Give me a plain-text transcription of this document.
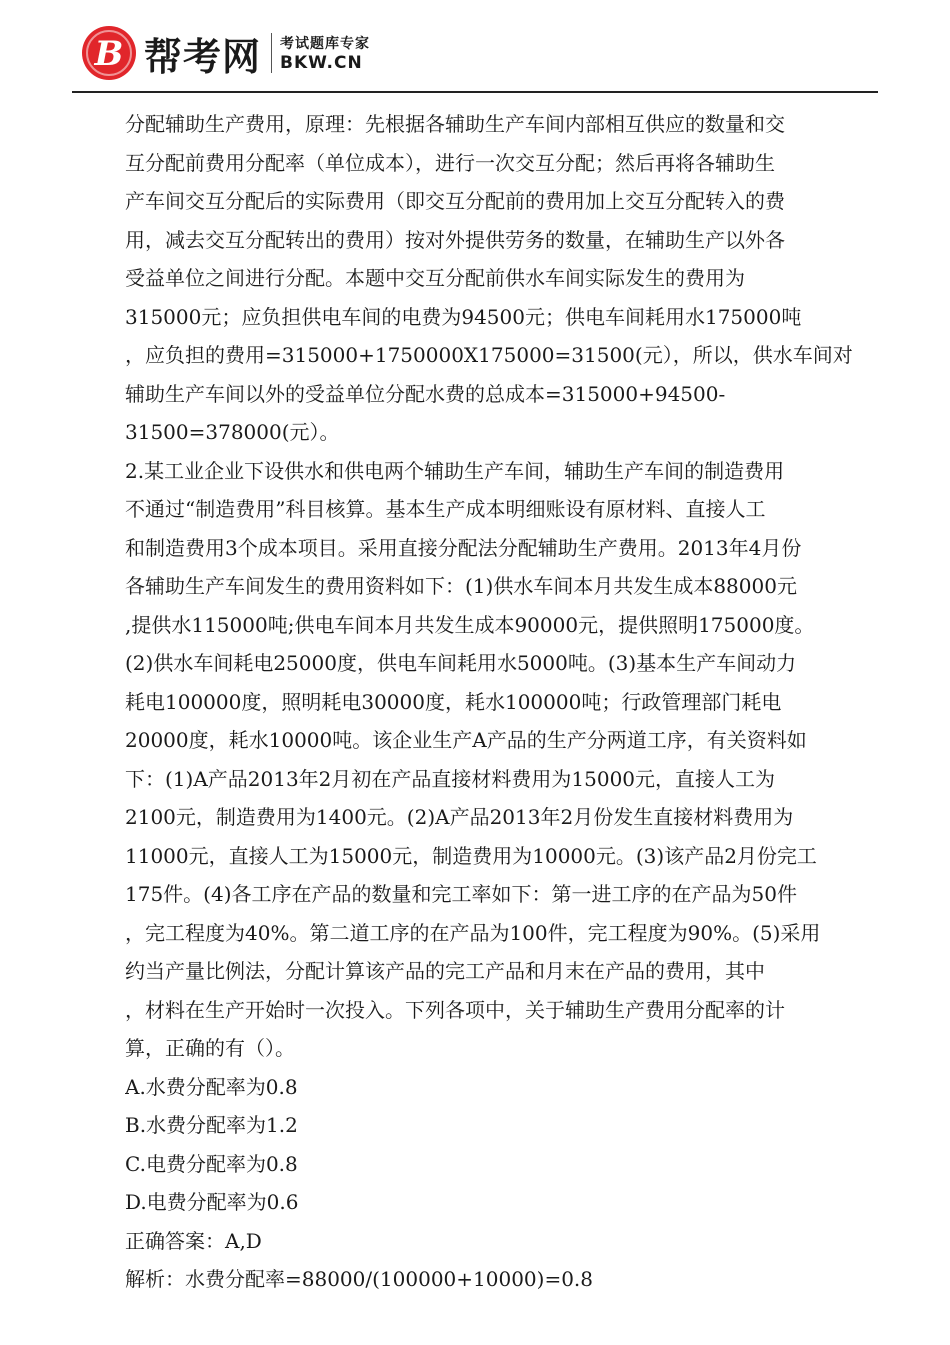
B 帮考网 考试题库专家
BKW.CN
分配辅助生产费用，原理：先根据各辅助生产车间内部相互供应的数量和交
互分配前费用分配率（单位成本），进行一次交互分配；然后再将各辅助生
产车间交互分配后的实际费用（即交互分配前的费用加上交互分配转入的费
用，减去交互分配转出的费用）按对外提供劳务的数量，在辅助生产以外各
受益单位之间进行分配。本题中交互分配前供水车间实际发生的费用为
315000元；应负担供电车间的电费为94500元；供电车间耗用水175000吨
，应负担的费用=315000+1750000X175000=31500(元），所以，供水车间对
辅助生产车间以外的受益单位分配水费的总成本=315000+94500-
31500=378000(元）。
2.某工业企业下设供水和供电两个辅助生产车间，辅助生产车间的制造费用
不通过“制造费用”科目核算。基本生产成本明细账设有原材料、直接人工
和制造费用3个成本项目。采用直接分配法分配辅助生产费用。2013年4月份
各辅助生产车间发生的费用资料如下：(1)供水车间本月共发生成本88000元
,提供水115000吨;供电车间本月共发生成本90000元，提供照明175000度。
(2)供水车间耗电25000度，供电车间耗用水5000吨。(3)基本生产车间动力
耗电100000度，照明耗电30000度，耗水100000吨；行政管理部门耗电
20000度，耗水10000吨。该企业生产A产品的生产分两道工序，有关资料如
下：(1)A产品2013年2月初在产品直接材料费用为15000元，直接人工为
2100元，制造费用为1400元。(2)A产品2013年2月份发生直接材料费用为
11000元，直接人工为15000元，制造费用为10000元。(3)该产品2月份完工
175件。(4)各工序在产品的数量和完工率如下：第一进工序的在产品为50件
，完工程度为40%。第二道工序的在产品为100件，完工程度为90%。(5)采用
约当产量比例法，分配计算该产品的完工产品和月末在产品的费用，其中
，材料在生产开始时一次投入。下列各项中，关于辅助生产费用分配率的计
算，正确的有（）。
A.水费分配率为0.8
B.水费分配率为1.2
C.电费分配率为0.8
D.电费分配率为0.6
正确答案：A,D
解析：水费分配率=88000/(100000+10000)=0.8
